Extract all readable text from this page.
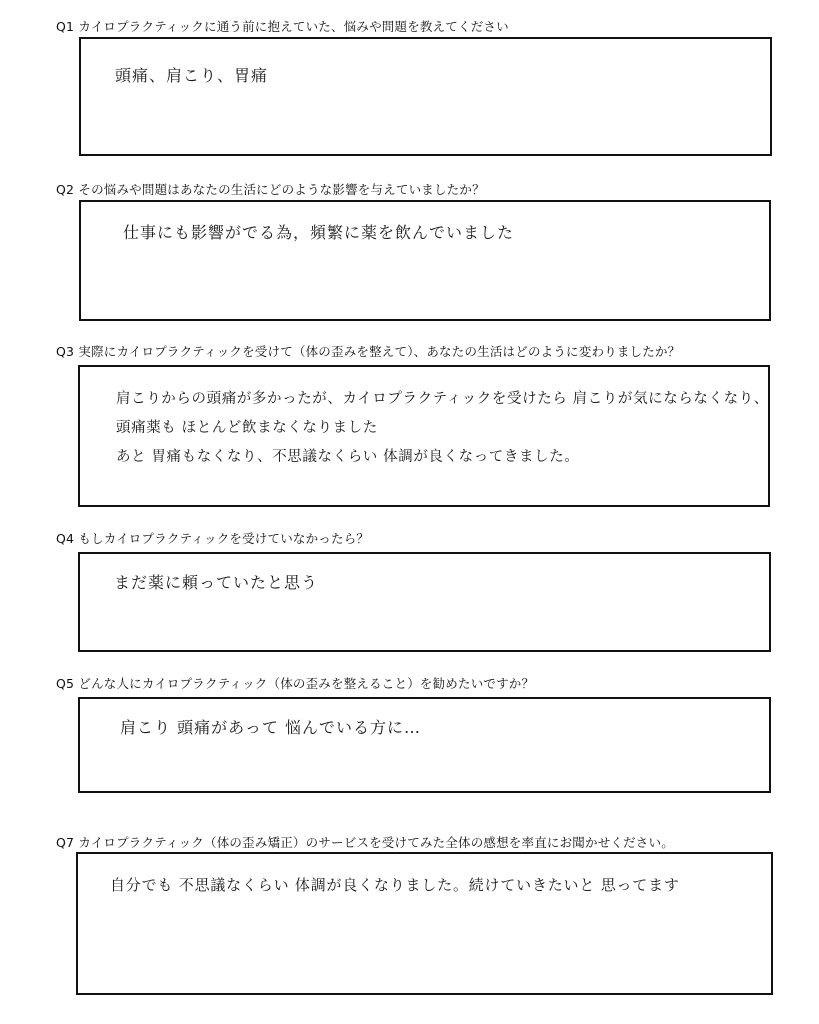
Q1 カイロプラクティックに通う前に抱えていた、悩みや問題を教えてください
頭痛、肩こり、胃痛
Q2 その悩みや問題はあなたの生活にどのような影響を与えていましたか？
仕事にも影響がでる為，頻繁に薬を飲んでいました
Q3 実際にカイロプラクティックを受けて（体の歪みを整えて）、あなたの生活はどのように変わりましたか？
肩こりからの頭痛が多かったが、カイロプラクティックを受けたら 肩こりが気にならなくなり、
頭痛薬も ほとんど飲まなくなりました
あと 胃痛もなくなり、不思議なくらい 体調が良くなってきました。
Q4 もしカイロプラクティックを受けていなかったら？
まだ薬に頼っていたと思う
Q5 どんな人にカイロプラクティック（体の歪みを整えること）を勧めたいですか？
肩こり 頭痛があって 悩んでいる方に…
Q7 カイロプラクティック（体の歪み矯正）のサービスを受けてみた全体の感想を率直にお聞かせください。
自分でも 不思議なくらい 体調が良くなりました。続けていきたいと 思ってます
